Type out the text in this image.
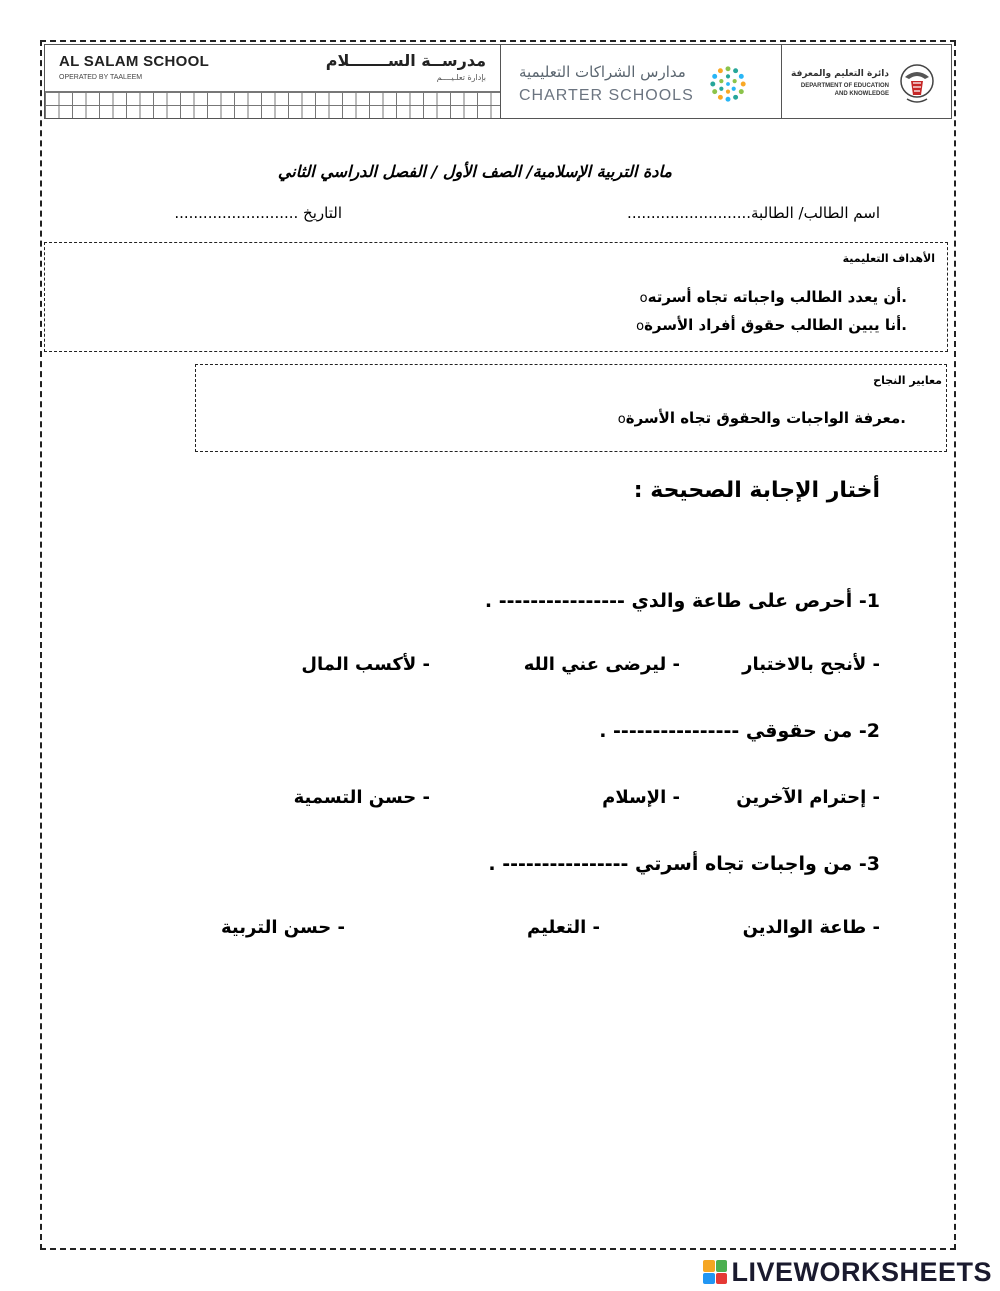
AL SALAM SCHOOL
OPERATED BY TAALEEM
مدرســة الســـــــلام
بإدارة تعلـيــــم مدارس الشراكات التعليمية
CHARTER SCHOOLS
دائرة التعليم والمعرفة
DEPARTMENT OF EDUCATION
AND KNOWLEDGE
مادة التربية الإسلامية/ الصف الأول / الفصل الدراسي الثاني
اسم الطالب/ الطالبة..........................
التاريخ ..........................
الأهداف التعليمية
oأن يعدد الطالب واجباته تجاه أسرته.
oأنا يبين الطالب حقوق أفراد الأسرة.
معايير النجاح
oمعرفة الواجبات والحقوق تجاه الأسرة.
أختار الإجابة الصحيحة :
1- أحرص على طاعة والدي ---------------- .
- لأنجح بالاختبار
- ليرضى عني الله
- لأكسب المال
2- من حقوقي ---------------- .
- إحترام الآخرين
- الإسلام
- حسن التسمية
3- من واجبات تجاه أسرتي ---------------- .
- طاعة الوالدين
- التعليم
- حسن التربية
LIVEWORKSHEETS
